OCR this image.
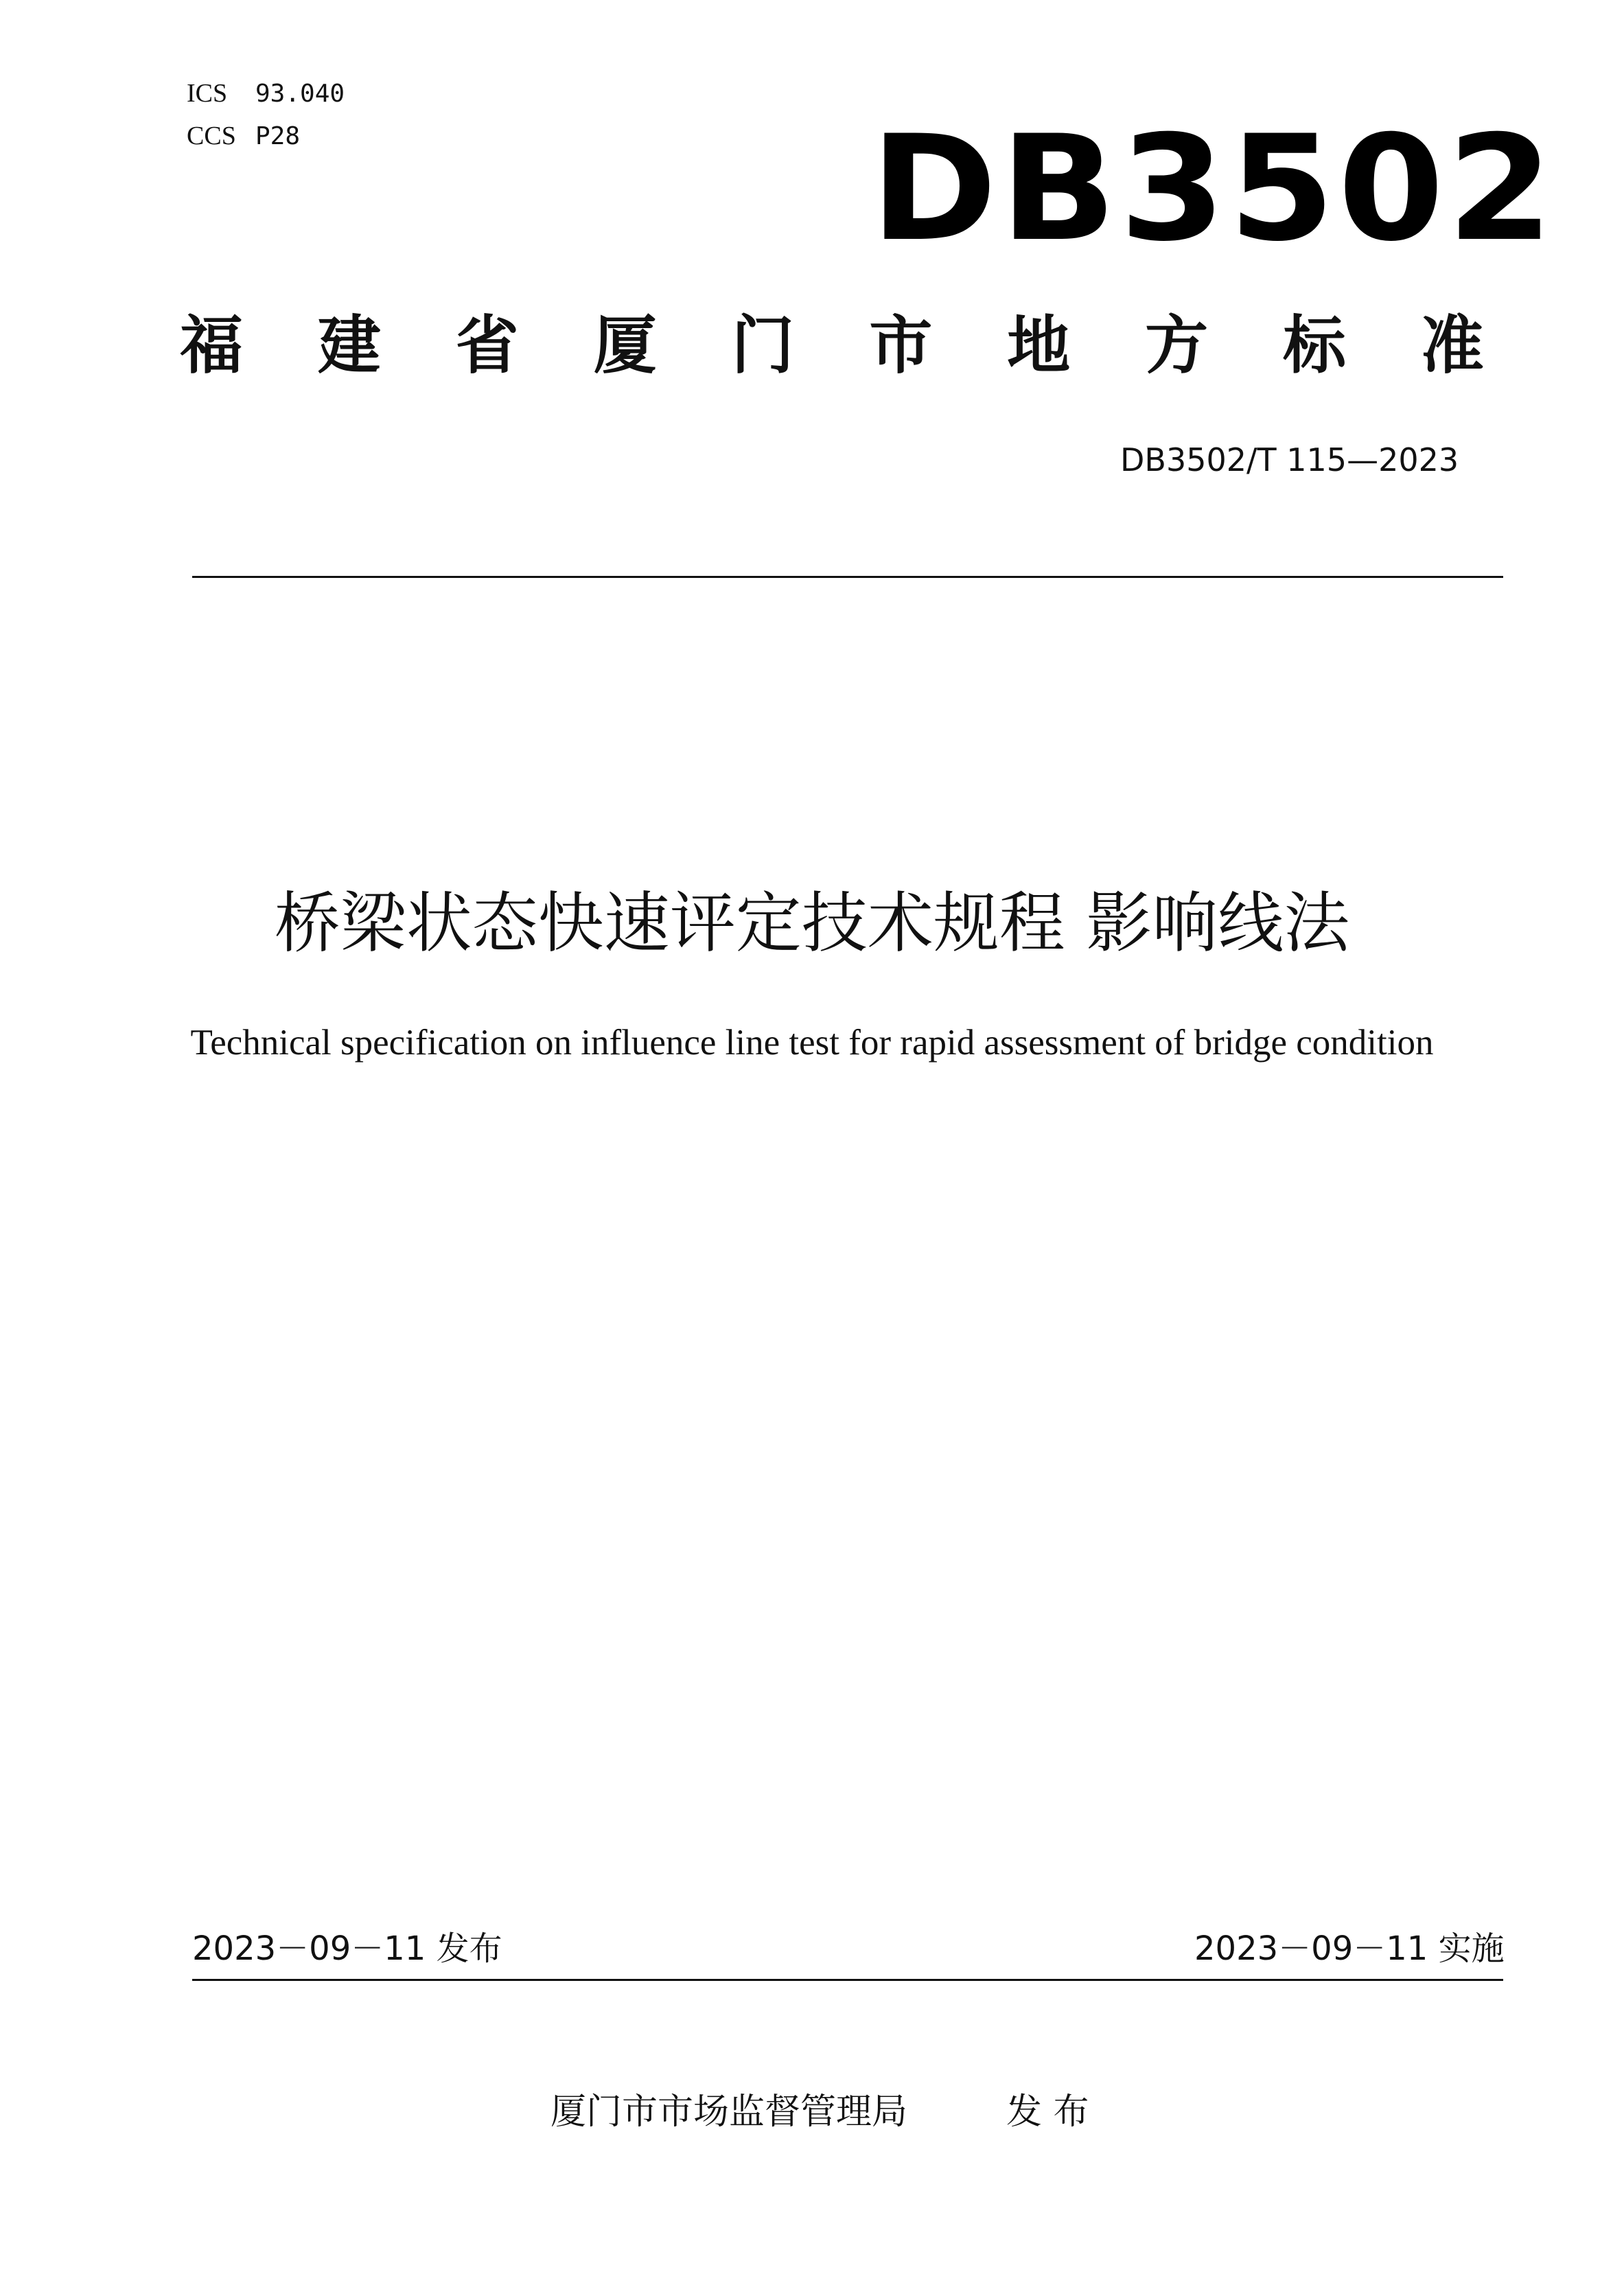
ICS 93.040
CCS P28	DB3502
福 建 省 厦 门 市 地 方 标 准
DB3502/T 115—2023
桥梁状态快速评定技术规程 影响线法
Technical specification on influence line test for rapid assessment of bridge condition
2023－09－11 发布	2023－09－11 实施
厦门市市场监督管理局	发 布
